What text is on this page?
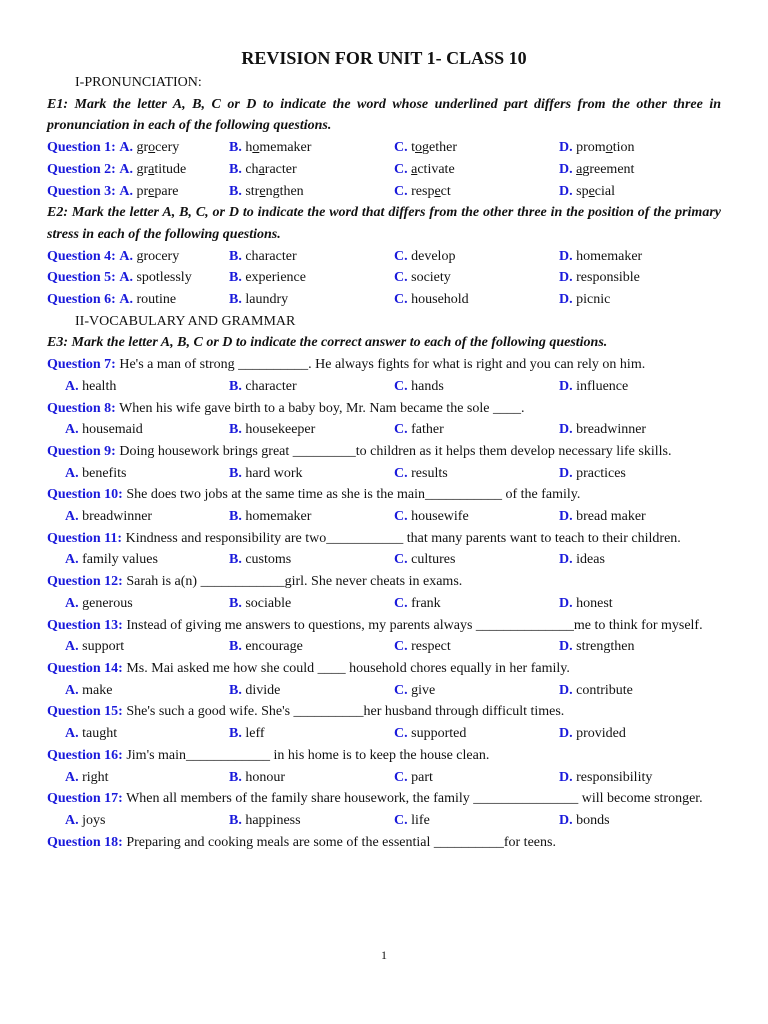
REVISION FOR UNIT 1- CLASS 10
I-PRONUNCIATION:
E1: Mark the letter A, B, C or D to indicate the word whose underlined part differs from the other three in pronunciation in each of the following questions.
Question 1: A. grocery	B. homemaker	C. together	D. promotion
Question 2: A. gratitude	B. character	C. activate	D. agreement
Question 3: A. prepare	B. strengthen	C. respect	D. special
E2: Mark the letter A, B, C, or D to indicate the word that differs from the other three in the position of the primary stress in each of the following questions.
Question 4: A. grocery	B. character	C. develop	D. homemaker
Question 5: A. spotlessly	B. experience	C. society	D. responsible
Question 6: A. routine	B. laundry	C. household	D. picnic
II-VOCABULARY AND GRAMMAR
E3: Mark the letter A, B, C or D to indicate the correct answer to each of the following questions.
Question 7: He's a man of strong __________. He always fights for what is right and you can rely on him.
A. health	B. character	C. hands	D. influence
Question 8: When his wife gave birth to a baby boy, Mr. Nam became the sole ____.
A. housemaid	B. housekeeper	C. father	D. breadwinner
Question 9: Doing housework brings great _________to children as it helps them develop necessary life skills.
A. benefits	B. hard work	C. results	D. practices
Question 10: She does two jobs at the same time as she is the main___________ of the family.
A. breadwinner	B. homemaker	C. housewife	D. bread maker
Question 11: Kindness and responsibility are two___________ that many parents want to teach to their children.
A. family values	B. customs	C. cultures	D. ideas
Question 12: Sarah is a(n) ____________girl. She never cheats in exams.
A. generous	B. sociable	C. frank	D. honest
Question 13: Instead of giving me answers to questions, my parents always ______________me to think for myself.
A. support	B. encourage	C. respect	D. strengthen
Question 14: Ms. Mai asked me how she could ____ household chores equally in her family.
A. make	B. divide	C. give	D. contribute
Question 15: She's such a good wife. She's __________her husband through difficult times.
A. taught	B. leff	C. supported	D. provided
Question 16: Jim's main____________ in his home is to keep the house clean.
A. right	B. honour	C. part	D. responsibility
Question 17: When all members of the family share housework, the family _______________ will become stronger.
A. joys	B. happiness	C. life	D. bonds
Question 18: Preparing and cooking meals are some of the essential __________for teens.
1
